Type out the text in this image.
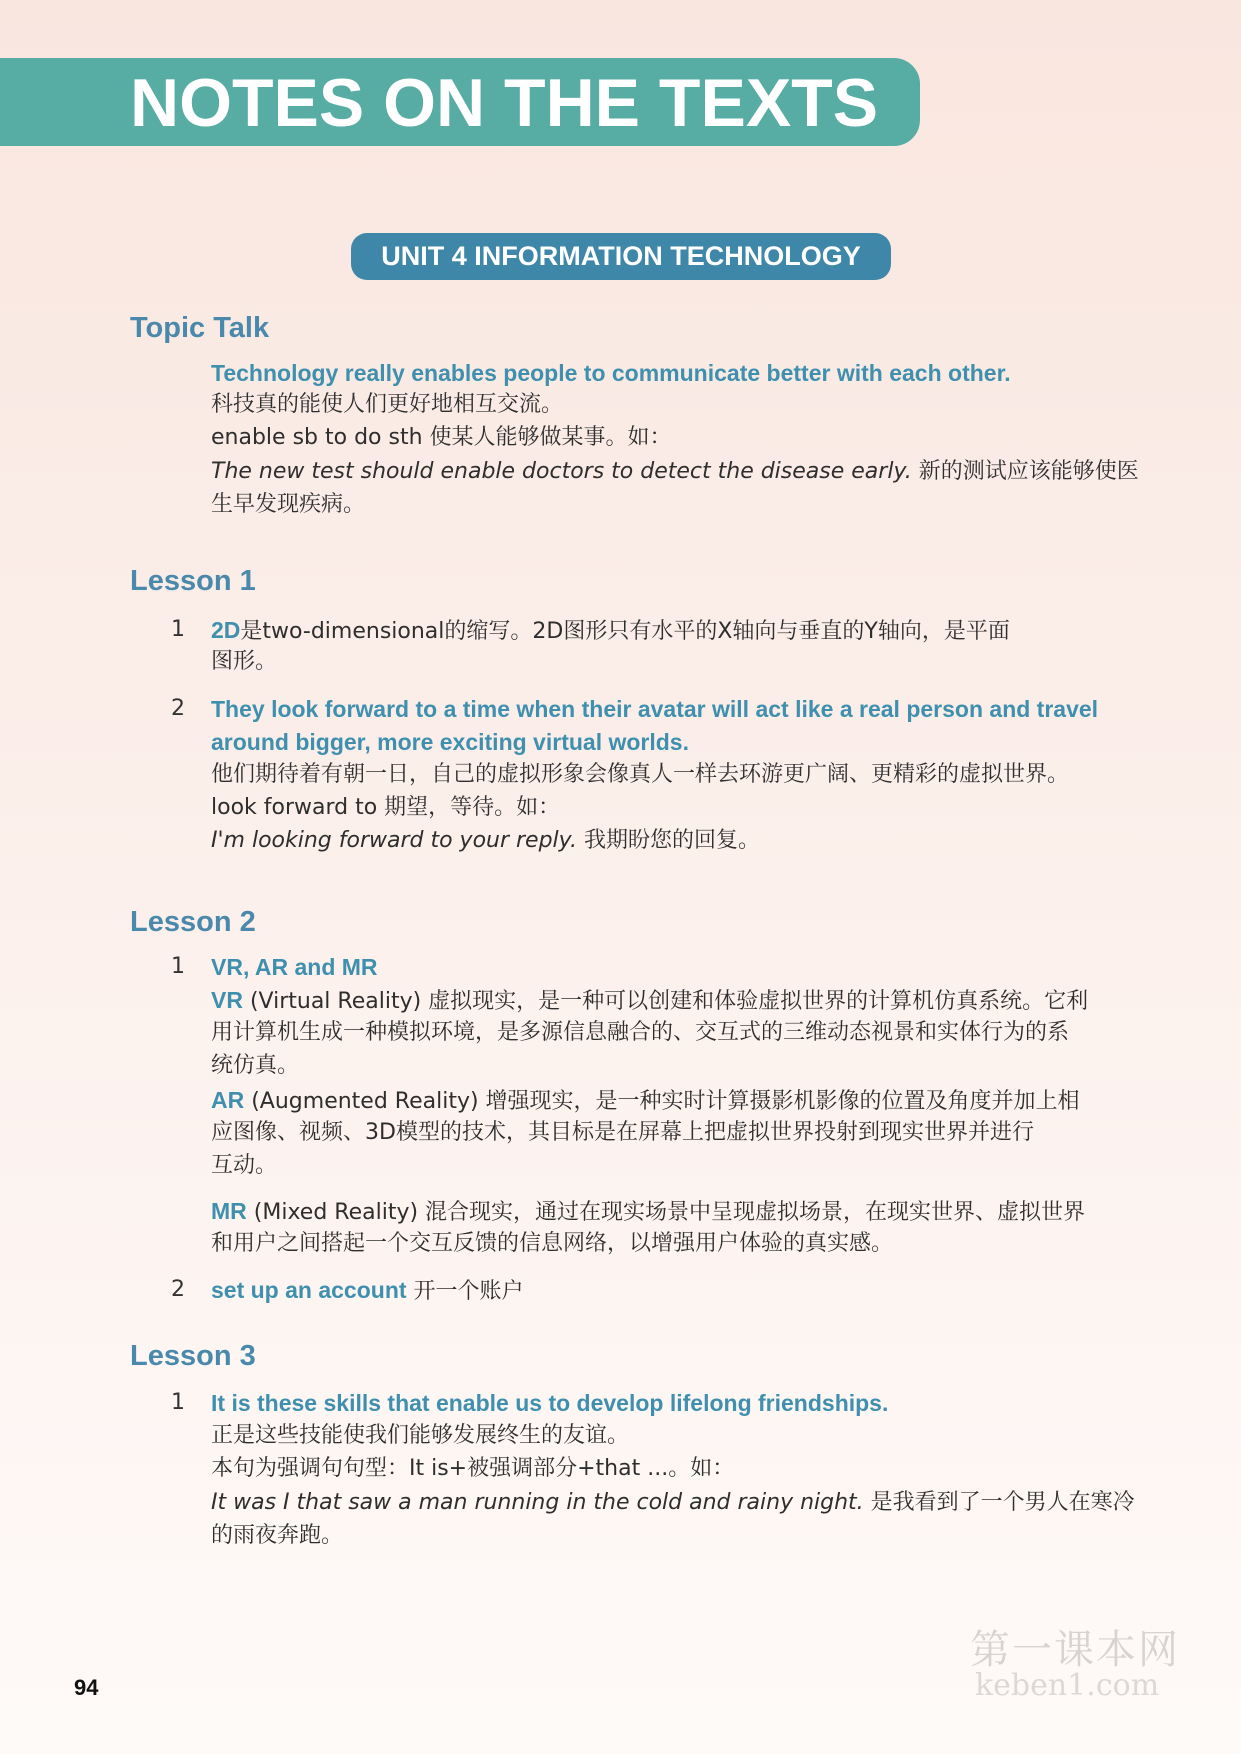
NOTES ON THE TEXTS
UNIT 4 INFORMATION TECHNOLOGY
Topic Talk
Technology really enables people to communicate better with each other.
科技真的能使人们更好地相互交流。
enable sb to do sth 使某人能够做某事。如：
The new test should enable doctors to detect the disease early. 新的测试应该能够使医
生早发现疾病。
Lesson 1
1 2D是two-dimensional的缩写。2D图形只有水平的X轴向与垂直的Y轴向，是平面
图形。
2 They look forward to a time when their avatar will act like a real person and travel
around bigger, more exciting virtual worlds.
他们期待着有朝一日，自己的虚拟形象会像真人一样去环游更广阔、更精彩的虚拟世界。
look forward to 期望，等待。如：
I'm looking forward to your reply. 我期盼您的回复。
Lesson 2
1 VR, AR and MR
VR (Virtual Reality) 虚拟现实，是一种可以创建和体验虚拟世界的计算机仿真系统。它利
用计算机生成一种模拟环境，是多源信息融合的、交互式的三维动态视景和实体行为的系
统仿真。
AR (Augmented Reality) 增强现实，是一种实时计算摄影机影像的位置及角度并加上相
应图像、视频、3D模型的技术，其目标是在屏幕上把虚拟世界投射到现实世界并进行
互动。
MR (Mixed Reality) 混合现实，通过在现实场景中呈现虚拟场景，在现实世界、虚拟世界
和用户之间搭起一个交互反馈的信息网络，以增强用户体验的真实感。
2 set up an account 开一个账户
Lesson 3
1 It is these skills that enable us to develop lifelong friendships.
正是这些技能使我们能够发展终生的友谊。
本句为强调句句型：It is+被强调部分+that ...。如：
It was I that saw a man running in the cold and rainy night. 是我看到了一个男人在寒冷
的雨夜奔跑。
94
第一课本网
keben1.com
